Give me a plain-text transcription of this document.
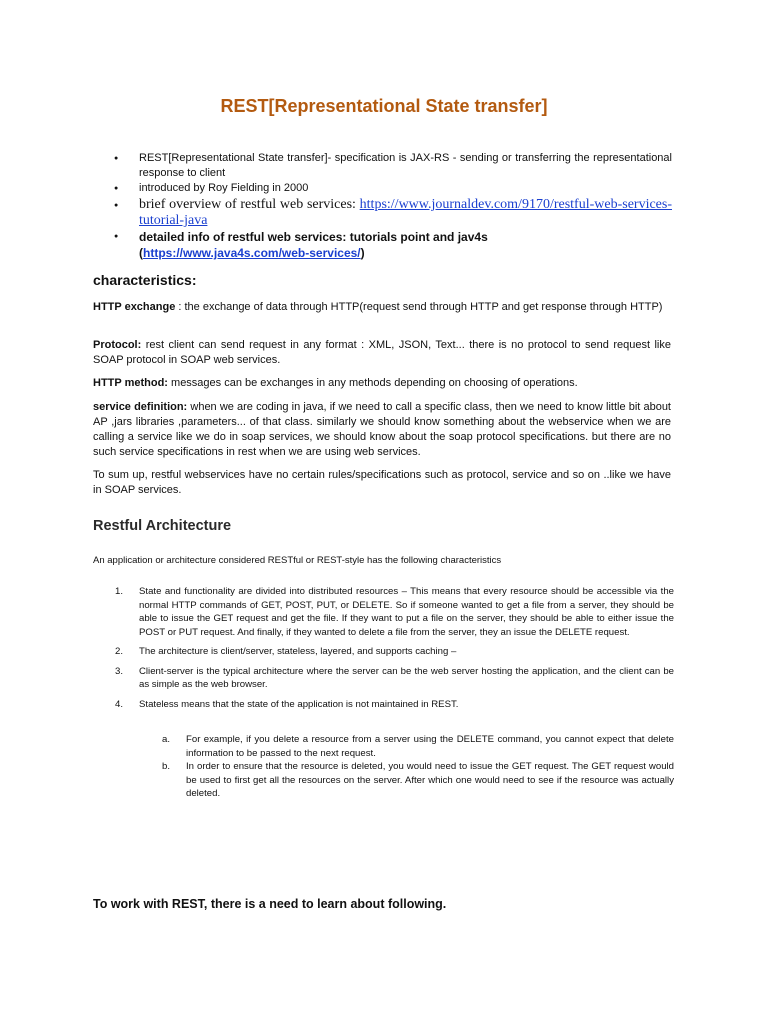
REST[Representational State transfer]
● REST[Representational State transfer]- specification is JAX-RS - sending or transferring the representational response to client
● introduced by Roy Fielding in 2000
● brief overview of restful web services: https://www.journaldev.com/9170/restful-web-services-tutorial-java
● detailed info of restful web services: tutorials point and jav4s
(https://www.java4s.com/web-services/)
characteristics:
HTTP exchange : the exchange of data through HTTP(request send through HTTP and get response through HTTP)
Protocol: rest client can send request in any format : XML, JSON, Text... there is no protocol to send request like SOAP protocol in SOAP web services.
HTTP method: messages can be exchanges in any methods depending on choosing of operations.
service definition: when we are coding in java, if we need to call a specific class, then we need to know little bit about AP ,jars libraries ,parameters... of that class. similarly we should know something about the webservice when we are calling a service like we do in soap services, we should know about the soap protocol specifications. but there are no such service specifications in rest when we are using web services.
To sum up, restful webservices have no certain rules/specifications such as protocol, service and so on ..like we have in SOAP services.
Restful Architecture
An application or architecture considered RESTful or REST-style has the following characteristics
1. State and functionality are divided into distributed resources – This means that every resource should be accessible via the normal HTTP commands of GET, POST, PUT, or DELETE. So if someone wanted to get a file from a server, they should be able to issue the GET request and get the file. If they want to put a file on the server, they should be able to either issue the POST or PUT request. And finally, if they wanted to delete a file from the server, they an issue the DELETE request.
2. The architecture is client/server, stateless, layered, and supports caching –
3. Client-server is the typical architecture where the server can be the web server hosting the application, and the client can be as simple as the web browser.
4. Stateless means that the state of the application is not maintained in REST.
a. For example, if you delete a resource from a server using the DELETE command, you cannot expect that delete information to be passed to the next request.
b. In order to ensure that the resource is deleted, you would need to issue the GET request. The GET request would be used to first get all the resources on the server. After which one would need to see if the resource was actually deleted.
To work with REST, there is a need to learn about following.
